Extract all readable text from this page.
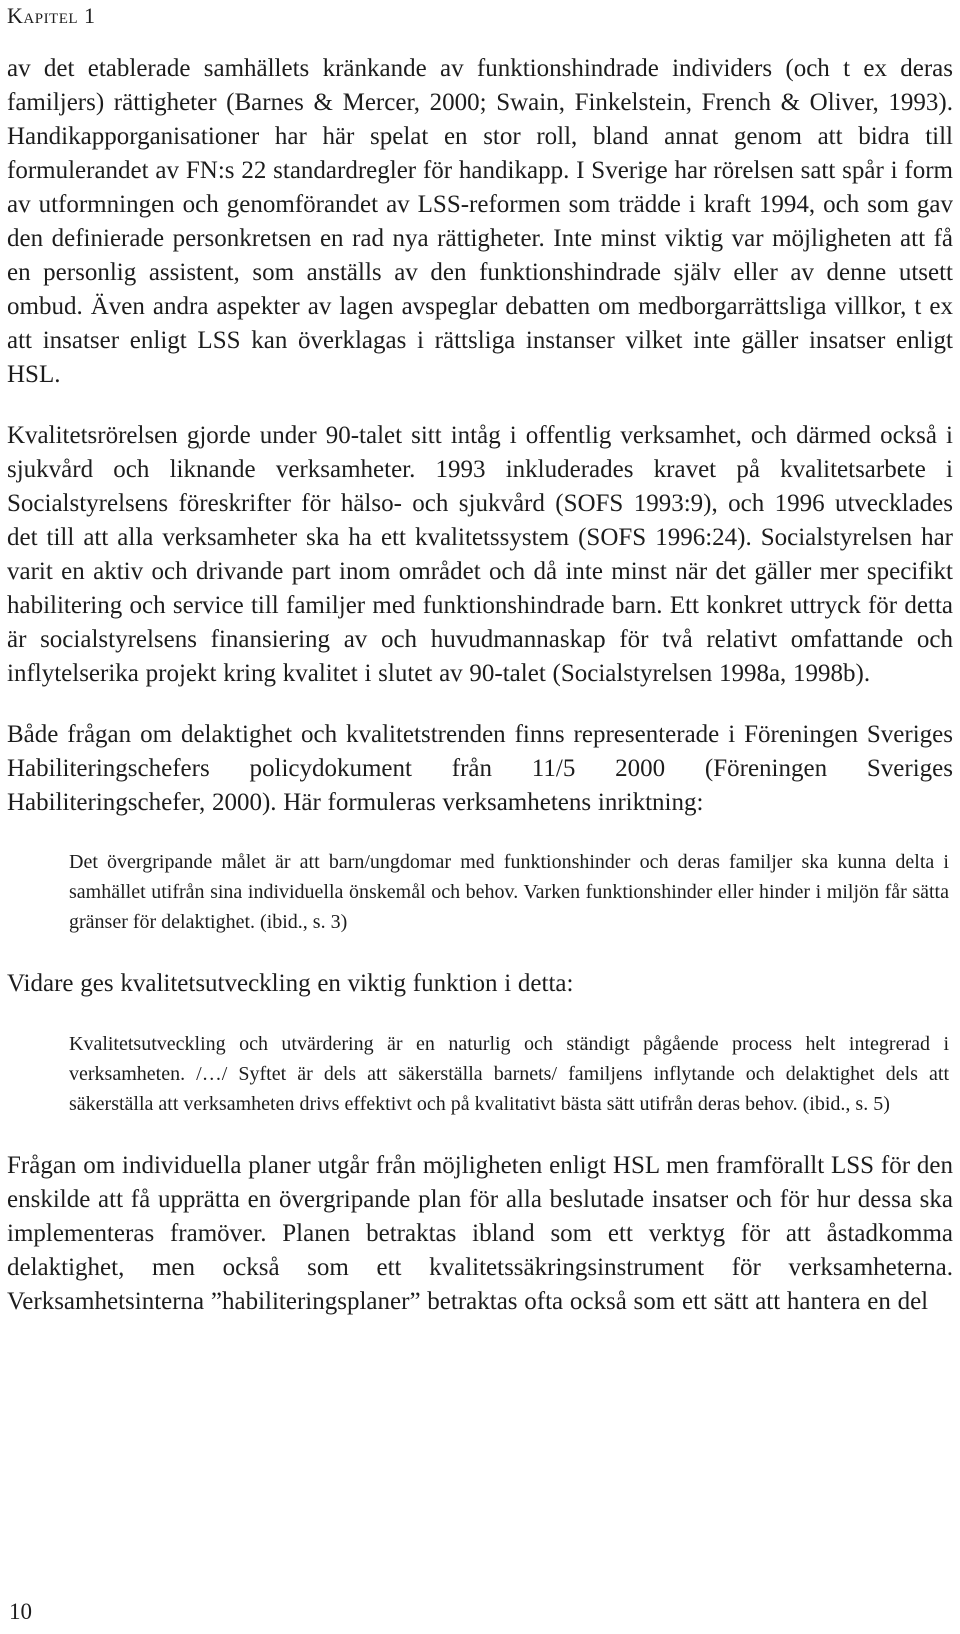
Kapitel 1

av det etablerade samhällets kränkande av funktionshindrade individers (och t ex deras familjers) rättigheter (Barnes & Mercer, 2000; Swain, Finkelstein, French & Oliver, 1993). Handikapporganisationer har här spelat en stor roll, bland annat genom att bidra till formulerandet av FN:s 22 standardregler för handikapp. I Sverige har rörelsen satt spår i form av utformningen och genomförandet av LSS-reformen som trädde i kraft 1994, och som gav den definierade personkretsen en rad nya rättigheter. Inte minst viktig var möjligheten att få en personlig assistent, som anställs av den funktionshindrade själv eller av denne utsett ombud. Även andra aspekter av lagen avspeglar debatten om medborgarrättsliga villkor, t ex att insatser enligt LSS kan överklagas i rättsliga instanser vilket inte gäller insatser enligt HSL.

Kvalitetsrörelsen gjorde under 90-talet sitt intåg i offentlig verksamhet, och därmed också i sjukvård och liknande verksamheter. 1993 inkluderades kravet på kvalitetsarbete i Socialstyrelsens föreskrifter för hälso- och sjukvård (SOFS 1993:9), och 1996 utvecklades det till att alla verksamheter ska ha ett kvalitetssystem (SOFS 1996:24). Socialstyrelsen har varit en aktiv och drivande part inom området och då inte minst när det gäller mer specifikt habilitering och service till familjer med funktionshindrade barn. Ett konkret uttryck för detta är socialstyrelsens finansiering av och huvudmannaskap för två relativt omfattande och inflytelserika projekt kring kvalitet i slutet av 90-talet (Socialstyrelsen 1998a, 1998b).

Både frågan om delaktighet och kvalitetstrenden finns representerade i Föreningen Sveriges Habiliteringschefers policydokument från 11/5 2000 (Föreningen Sveriges Habiliteringschefer, 2000). Här formuleras verksamhetens inriktning:

Det övergripande målet är att barn/ungdomar med funktionshinder och deras familjer ska kunna delta i samhället utifrån sina individuella önskemål och behov. Varken funktionshinder eller hinder i miljön får sätta gränser för delaktighet. (ibid., s. 3)

Vidare ges kvalitetsutveckling en viktig funktion i detta:

Kvalitetsutveckling och utvärdering är en naturlig och ständigt pågående process helt integrerad i verksamheten. /…/ Syftet är dels att säkerställa barnets/ familjens inflytande och delaktighet dels att säkerställa att verksamheten drivs effektivt och på kvalitativt bästa sätt utifrån deras behov. (ibid., s. 5)

Frågan om individuella planer utgår från möjligheten enligt HSL men framförallt LSS för den enskilde att få upprätta en övergripande plan för alla beslutade insatser och för hur dessa ska implementeras framöver. Planen betraktas ibland som ett verktyg för att åstadkomma delaktighet, men också som ett kvalitetssäkringsinstrument för verksamheterna. Verksamhetsinterna ”habiliteringsplaner” betraktas ofta också som ett sätt att hantera en del

10
